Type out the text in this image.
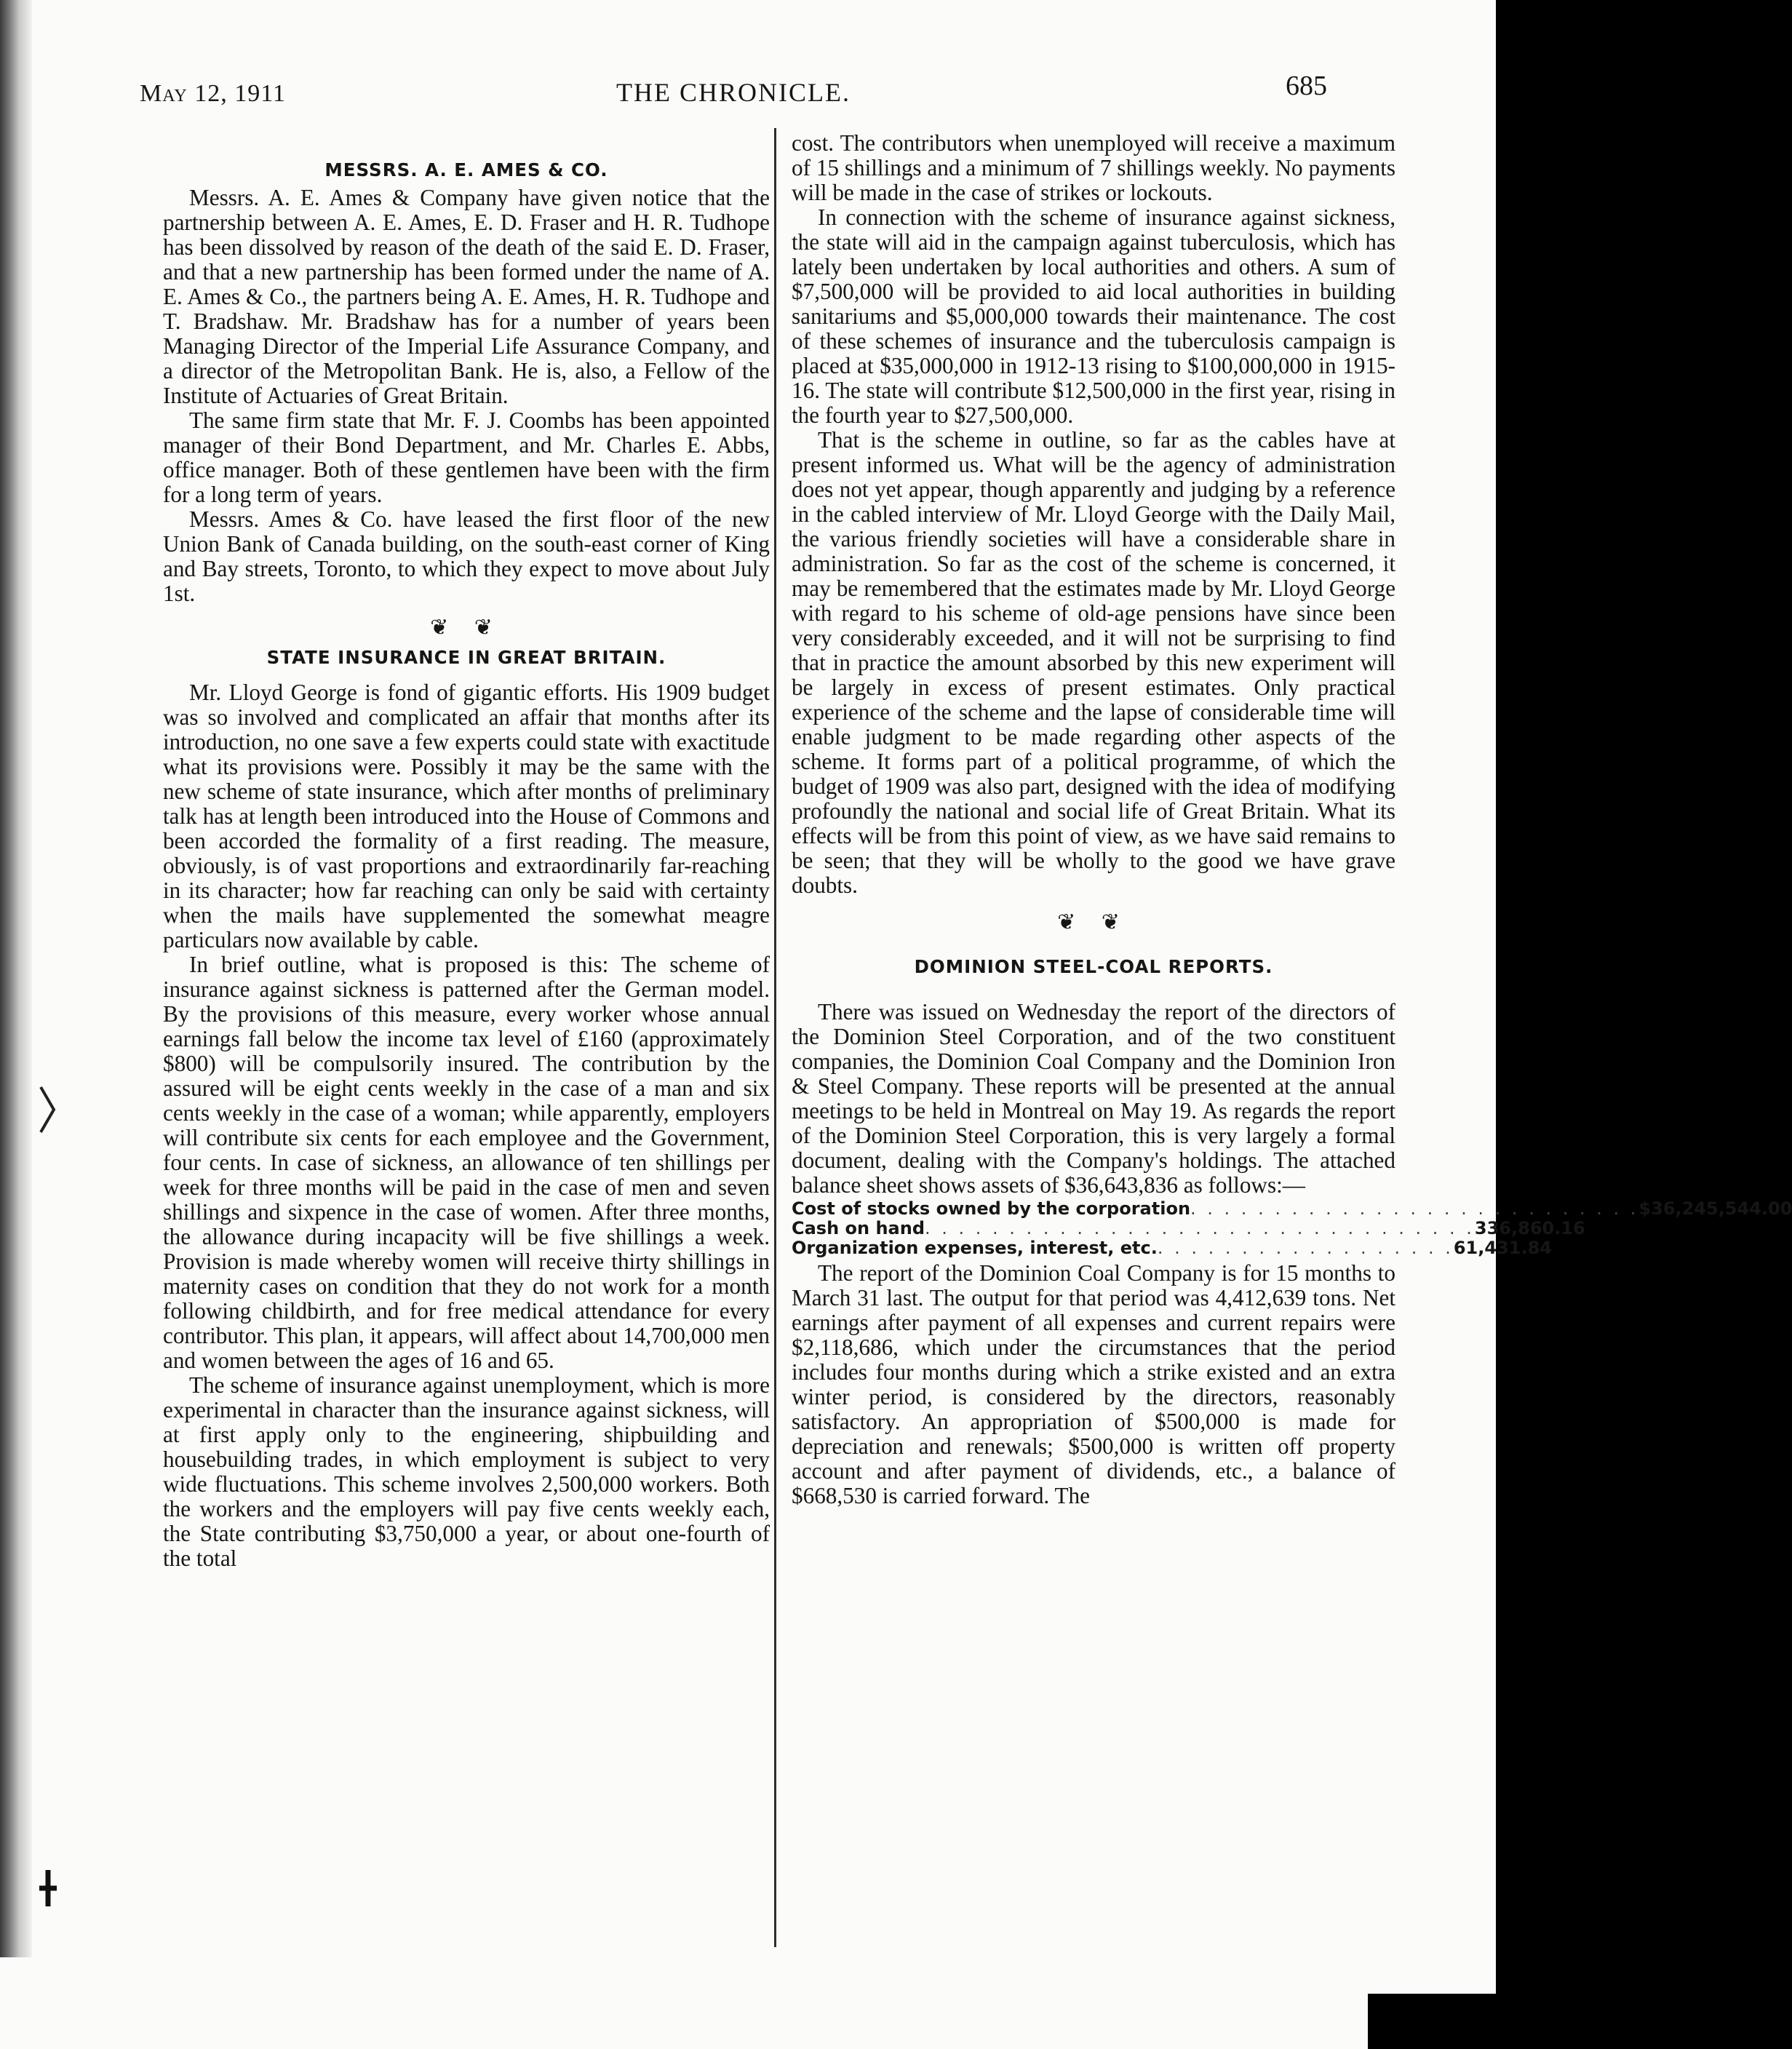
May 12, 1911	THE CHRONICLE.	685
MESSRS. A. E. AMES & CO.

Messrs. A. E. Ames & Company have given notice that the partnership between A. E. Ames, E. D. Fraser and H. R. Tudhope has been dissolved by reason of the death of the said E. D. Fraser, and that a new partnership has been formed under the name of A. E. Ames & Co., the partners being A. E. Ames, H. R. Tudhope and T. Bradshaw. Mr. Bradshaw has for a number of years been Managing Director of the Imperial Life Assurance Company, and a director of the Metropolitan Bank. He is, also, a Fellow of the Institute of Actuaries of Great Britain.

The same firm state that Mr. F. J. Coombs has been appointed manager of their Bond Department, and Mr. Charles E. Abbs, office manager. Both of these gentlemen have been with the firm for a long term of years.

Messrs. Ames & Co. have leased the first floor of the new Union Bank of Canada building, on the south-east corner of King and Bay streets, Toronto, to which they expect to move about July 1st.

❦ ❦
STATE INSURANCE IN GREAT BRITAIN.

Mr. Lloyd George is fond of gigantic efforts. His 1909 budget was so involved and complicated an affair that months after its introduction, no one save a few experts could state with exactitude what its provisions were. Possibly it may be the same with the new scheme of state insurance, which after months of preliminary talk has at length been introduced into the House of Commons and been accorded the formality of a first reading. The measure, obviously, is of vast proportions and extraordinarily far-reaching in its character; how far reaching can only be said with certainty when the mails have supplemented the somewhat meagre particulars now available by cable.

In brief outline, what is proposed is this: The scheme of insurance against sickness is patterned after the German model. By the provisions of this measure, every worker whose annual earnings fall below the income tax level of £160 (approximately $800) will be compulsorily insured. The contribution by the assured will be eight cents weekly in the case of a man and six cents weekly in the case of a woman; while apparently, employers will contribute six cents for each employee and the Government, four cents. In case of sickness, an allowance of ten shillings per week for three months will be paid in the case of men and seven shillings and sixpence in the case of women. After three months, the allowance during incapacity will be five shillings a week. Provision is made whereby women will receive thirty shillings in maternity cases on condition that they do not work for a month following childbirth, and for free medical attendance for every contributor. This plan, it appears, will affect about 14,700,000 men and women between the ages of 16 and 65.

The scheme of insurance against unemployment, which is more experimental in character than the insurance against sickness, will at first apply only to the engineering, shipbuilding and housebuilding trades, in which employment is subject to very wide fluctuations. This scheme involves 2,500,000 workers. Both the workers and the employers will pay five cents weekly each, the State contributing $3,750,000 a year, or about one-fourth of the total

cost. The contributors when unemployed will receive a maximum of 15 shillings and a minimum of 7 shillings weekly. No payments will be made in the case of strikes or lockouts.

In connection with the scheme of insurance against sickness, the state will aid in the campaign against tuberculosis, which has lately been undertaken by local authorities and others. A sum of $7,500,000 will be provided to aid local authorities in building sanitariums and $5,000,000 towards their maintenance. The cost of these schemes of insurance and the tuberculosis campaign is placed at $35,000,000 in 1912-13 rising to $100,000,000 in 1915-16. The state will contribute $12,500,000 in the first year, rising in the fourth year to $27,500,000.

That is the scheme in outline, so far as the cables have at present informed us. What will be the agency of administration does not yet appear, though apparently and judging by a reference in the cabled interview of Mr. Lloyd George with the Daily Mail, the various friendly societies will have a considerable share in administration. So far as the cost of the scheme is concerned, it may be remembered that the estimates made by Mr. Lloyd George with regard to his scheme of old-age pensions have since been very considerably exceeded, and it will not be surprising to find that in practice the amount absorbed by this new experiment will be largely in excess of present estimates. Only practical experience of the scheme and the lapse of considerable time will enable judgment to be made regarding other aspects of the scheme. It forms part of a political programme, of which the budget of 1909 was also part, designed with the idea of modifying profoundly the national and social life of Great Britain. What its effects will be from this point of view, as we have said remains to be seen; that they will be wholly to the good we have grave doubts.

❦ ❦
DOMINION STEEL-COAL REPORTS.

There was issued on Wednesday the report of the directors of the Dominion Steel Corporation, and of the two constituent companies, the Dominion Coal Company and the Dominion Iron & Steel Company. These reports will be presented at the annual meetings to be held in Montreal on May 19. As regards the report of the Dominion Steel Corporation, this is very largely a formal document, dealing with the Company's holdings. The attached balance sheet shows assets of $36,643,836 as follows:—

Cost of stocks owned by the corporation . . . . . . . . . . . . . . . . . . . . . . . . . . . $36,245,544.00
Cash on hand . . . . . . . . . . . . . . . . . . . . . . . . . . . . . . . . . 336,860.16
Organization expenses, interest, etc. . . . . . . . . . . . . . . . . . . 61,431.84

The report of the Dominion Coal Company is for 15 months to March 31 last. The output for that period was 4,412,639 tons. Net earnings after payment of all expenses and current repairs were $2,118,686, which under the circumstances that the period includes four months during which a strike existed and an extra winter period, is considered by the directors, reasonably satisfactory. An appropriation of $500,000 is made for depreciation and renewals; $500,000 is written off property account and after payment of dividends, etc., a balance of $668,530 is carried forward. The
